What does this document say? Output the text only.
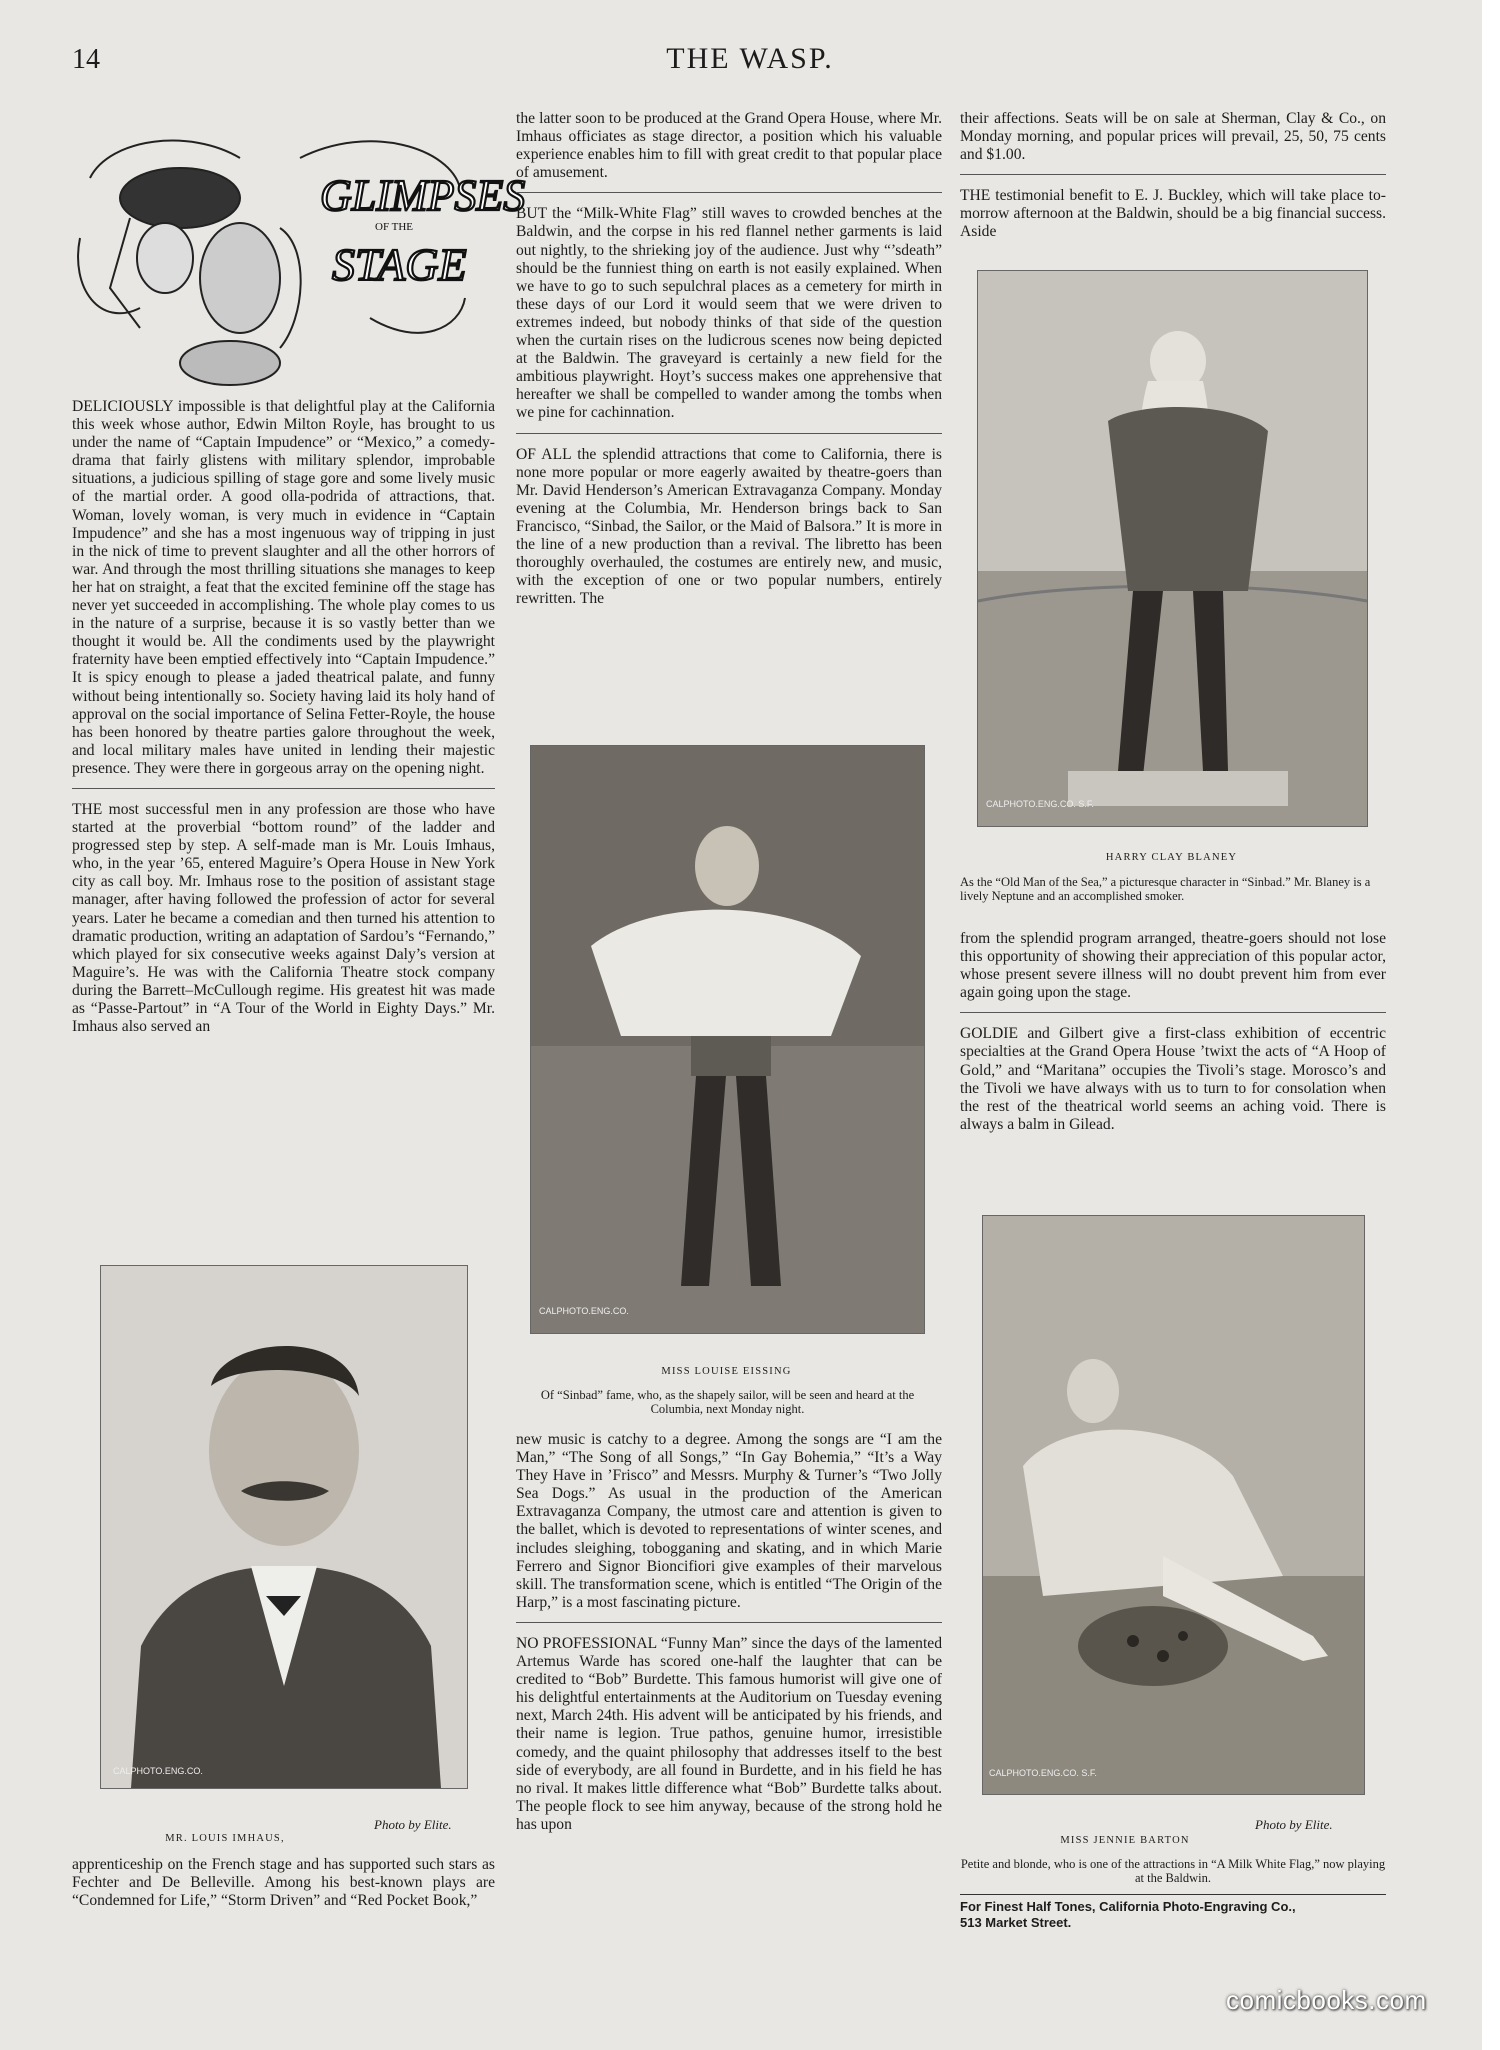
14	THE WASP.
GLIMPSES
OF THE
STAGE

DELICIOUSLY impossible is that delightful play at the California this week whose author, Edwin Milton Royle, has brought to us under the name of “Captain Impudence” or “Mexico,” a comedy-drama that fairly glistens with military splendor, improbable situations, a judicious spilling of stage gore and some lively music of the martial order. A good olla-podrida of attractions, that. Woman, lovely woman, is very much in evidence in “Captain Impudence” and she has a most ingenuous way of tripping in just in the nick of time to prevent slaughter and all the other horrors of war. And through the most thrilling situations she manages to keep her hat on straight, a feat that the excited feminine off the stage has never yet succeeded in accomplishing. The whole play comes to us in the nature of a surprise, because it is so vastly better than we thought it would be. All the condiments used by the playwright fraternity have been emptied effectively into “Captain Impudence.” It is spicy enough to please a jaded theatrical palate, and funny without being intentionally so. Society having laid its holy hand of approval on the social importance of Selina Fetter-Royle, the house has been honored by theatre parties galore throughout the week, and local military males have united in lending their majestic presence. They were there in gorgeous array on the opening night.

THE most successful men in any profession are those who have started at the proverbial “bottom round” of the ladder and progressed step by step. A self-made man is Mr. Louis Imhaus, who, in the year ’65, entered Maguire’s Opera House in New York city as call boy. Mr. Imhaus rose to the position of assistant stage manager, after having followed the profession of actor for several years. Later he became a comedian and then turned his attention to dramatic production, writing an adaptation of Sardou’s “Fernando,” which played for six consecutive weeks against Daly’s version at Maguire’s. He was with the California Theatre stock company during the Barrett–McCullough regime. His greatest hit was made as “Passe-Partout” in “A Tour of the World in Eighty Days.” Mr. Imhaus also served an

CALPHOTO.ENG.CO.
MR. LOUIS IMHAUS,
Photo by Elite.

apprenticeship on the French stage and has supported such stars as Fechter and De Belleville. Among his best-known plays are “Condemned for Life,” “Storm Driven” and “Red Pocket Book,”

the latter soon to be produced at the Grand Opera House, where Mr. Imhaus officiates as stage director, a position which his valuable experience enables him to fill with great credit to that popular place of amusement.

BUT the “Milk-White Flag” still waves to crowded benches at the Baldwin, and the corpse in his red flannel nether garments is laid out nightly, to the shrieking joy of the audience. Just why “’sdeath” should be the funniest thing on earth is not easily explained. When we have to go to such sepulchral places as a cemetery for mirth in these days of our Lord it would seem that we were driven to extremes indeed, but nobody thinks of that side of the question when the curtain rises on the ludicrous scenes now being depicted at the Baldwin. The graveyard is certainly a new field for the ambitious playwright. Hoyt’s success makes one apprehensive that hereafter we shall be compelled to wander among the tombs when we pine for cachinnation.

OF ALL the splendid attractions that come to California, there is none more popular or more eagerly awaited by theatre-goers than Mr. David Henderson’s American Extravaganza Company. Monday evening at the Columbia, Mr. Henderson brings back to San Francisco, “Sinbad, the Sailor, or the Maid of Balsora.” It is more in the line of a new production than a revival. The libretto has been thoroughly overhauled, the costumes are entirely new, and music, with the exception of one or two popular numbers, entirely rewritten. The

CALPHOTO.ENG.CO.
MISS LOUISE EISSING
Of “Sinbad” fame, who, as the shapely sailor, will be seen and heard at the Columbia, next Monday night.

new music is catchy to a degree. Among the songs are “I am the Man,” “The Song of all Songs,” “In Gay Bohemia,” “It’s a Way They Have in ’Frisco” and Messrs. Murphy & Turner’s “Two Jolly Sea Dogs.” As usual in the production of the American Extravaganza Company, the utmost care and attention is given to the ballet, which is devoted to representations of winter scenes, and includes sleighing, tobogganing and skating, and in which Marie Ferrero and Signor Bioncifiori give examples of their marvelous skill. The transformation scene, which is entitled “The Origin of the Harp,” is a most fascinating picture.

NO PROFESSIONAL “Funny Man” since the days of the lamented Artemus Warde has scored one-half the laughter that can be credited to “Bob” Burdette. This famous humorist will give one of his delightful entertainments at the Auditorium on Tuesday evening next, March 24th. His advent will be anticipated by his friends, and their name is legion. True pathos, genuine humor, irresistible comedy, and the quaint philosophy that addresses itself to the best side of everybody, are all found in Burdette, and in his field he has no rival. It makes little difference what “Bob” Burdette talks about. The people flock to see him anyway, because of the strong hold he has upon

their affections. Seats will be on sale at Sherman, Clay & Co., on Monday morning, and popular prices will prevail, 25, 50, 75 cents and $1.00.

THE testimonial benefit to E. J. Buckley, which will take place to-morrow afternoon at the Baldwin, should be a big financial success. Aside

CALPHOTO.ENG.CO. S.F.
HARRY CLAY BLANEY
As the “Old Man of the Sea,” a picturesque character in “Sinbad.” Mr. Blaney is a lively Neptune and an accomplished smoker.

from the splendid program arranged, theatre-goers should not lose this opportunity of showing their appreciation of this popular actor, whose present severe illness will no doubt prevent him from ever again going upon the stage.

GOLDIE and Gilbert give a first-class exhibition of eccentric specialties at the Grand Opera House ’twixt the acts of “A Hoop of Gold,” and “Maritana” occupies the Tivoli’s stage. Morosco’s and the Tivoli we have always with us to turn to for consolation when the rest of the theatrical world seems an aching void. There is always a balm in Gilead.

CALPHOTO.ENG.CO. S.F.
MISS JENNIE BARTON
Photo by Elite.
Petite and blonde, who is one of the attractions in “A Milk White Flag,” now playing at the Baldwin.
For Finest Half Tones, California Photo-Engraving Co.,
513 Market Street.
comicbooks.com
